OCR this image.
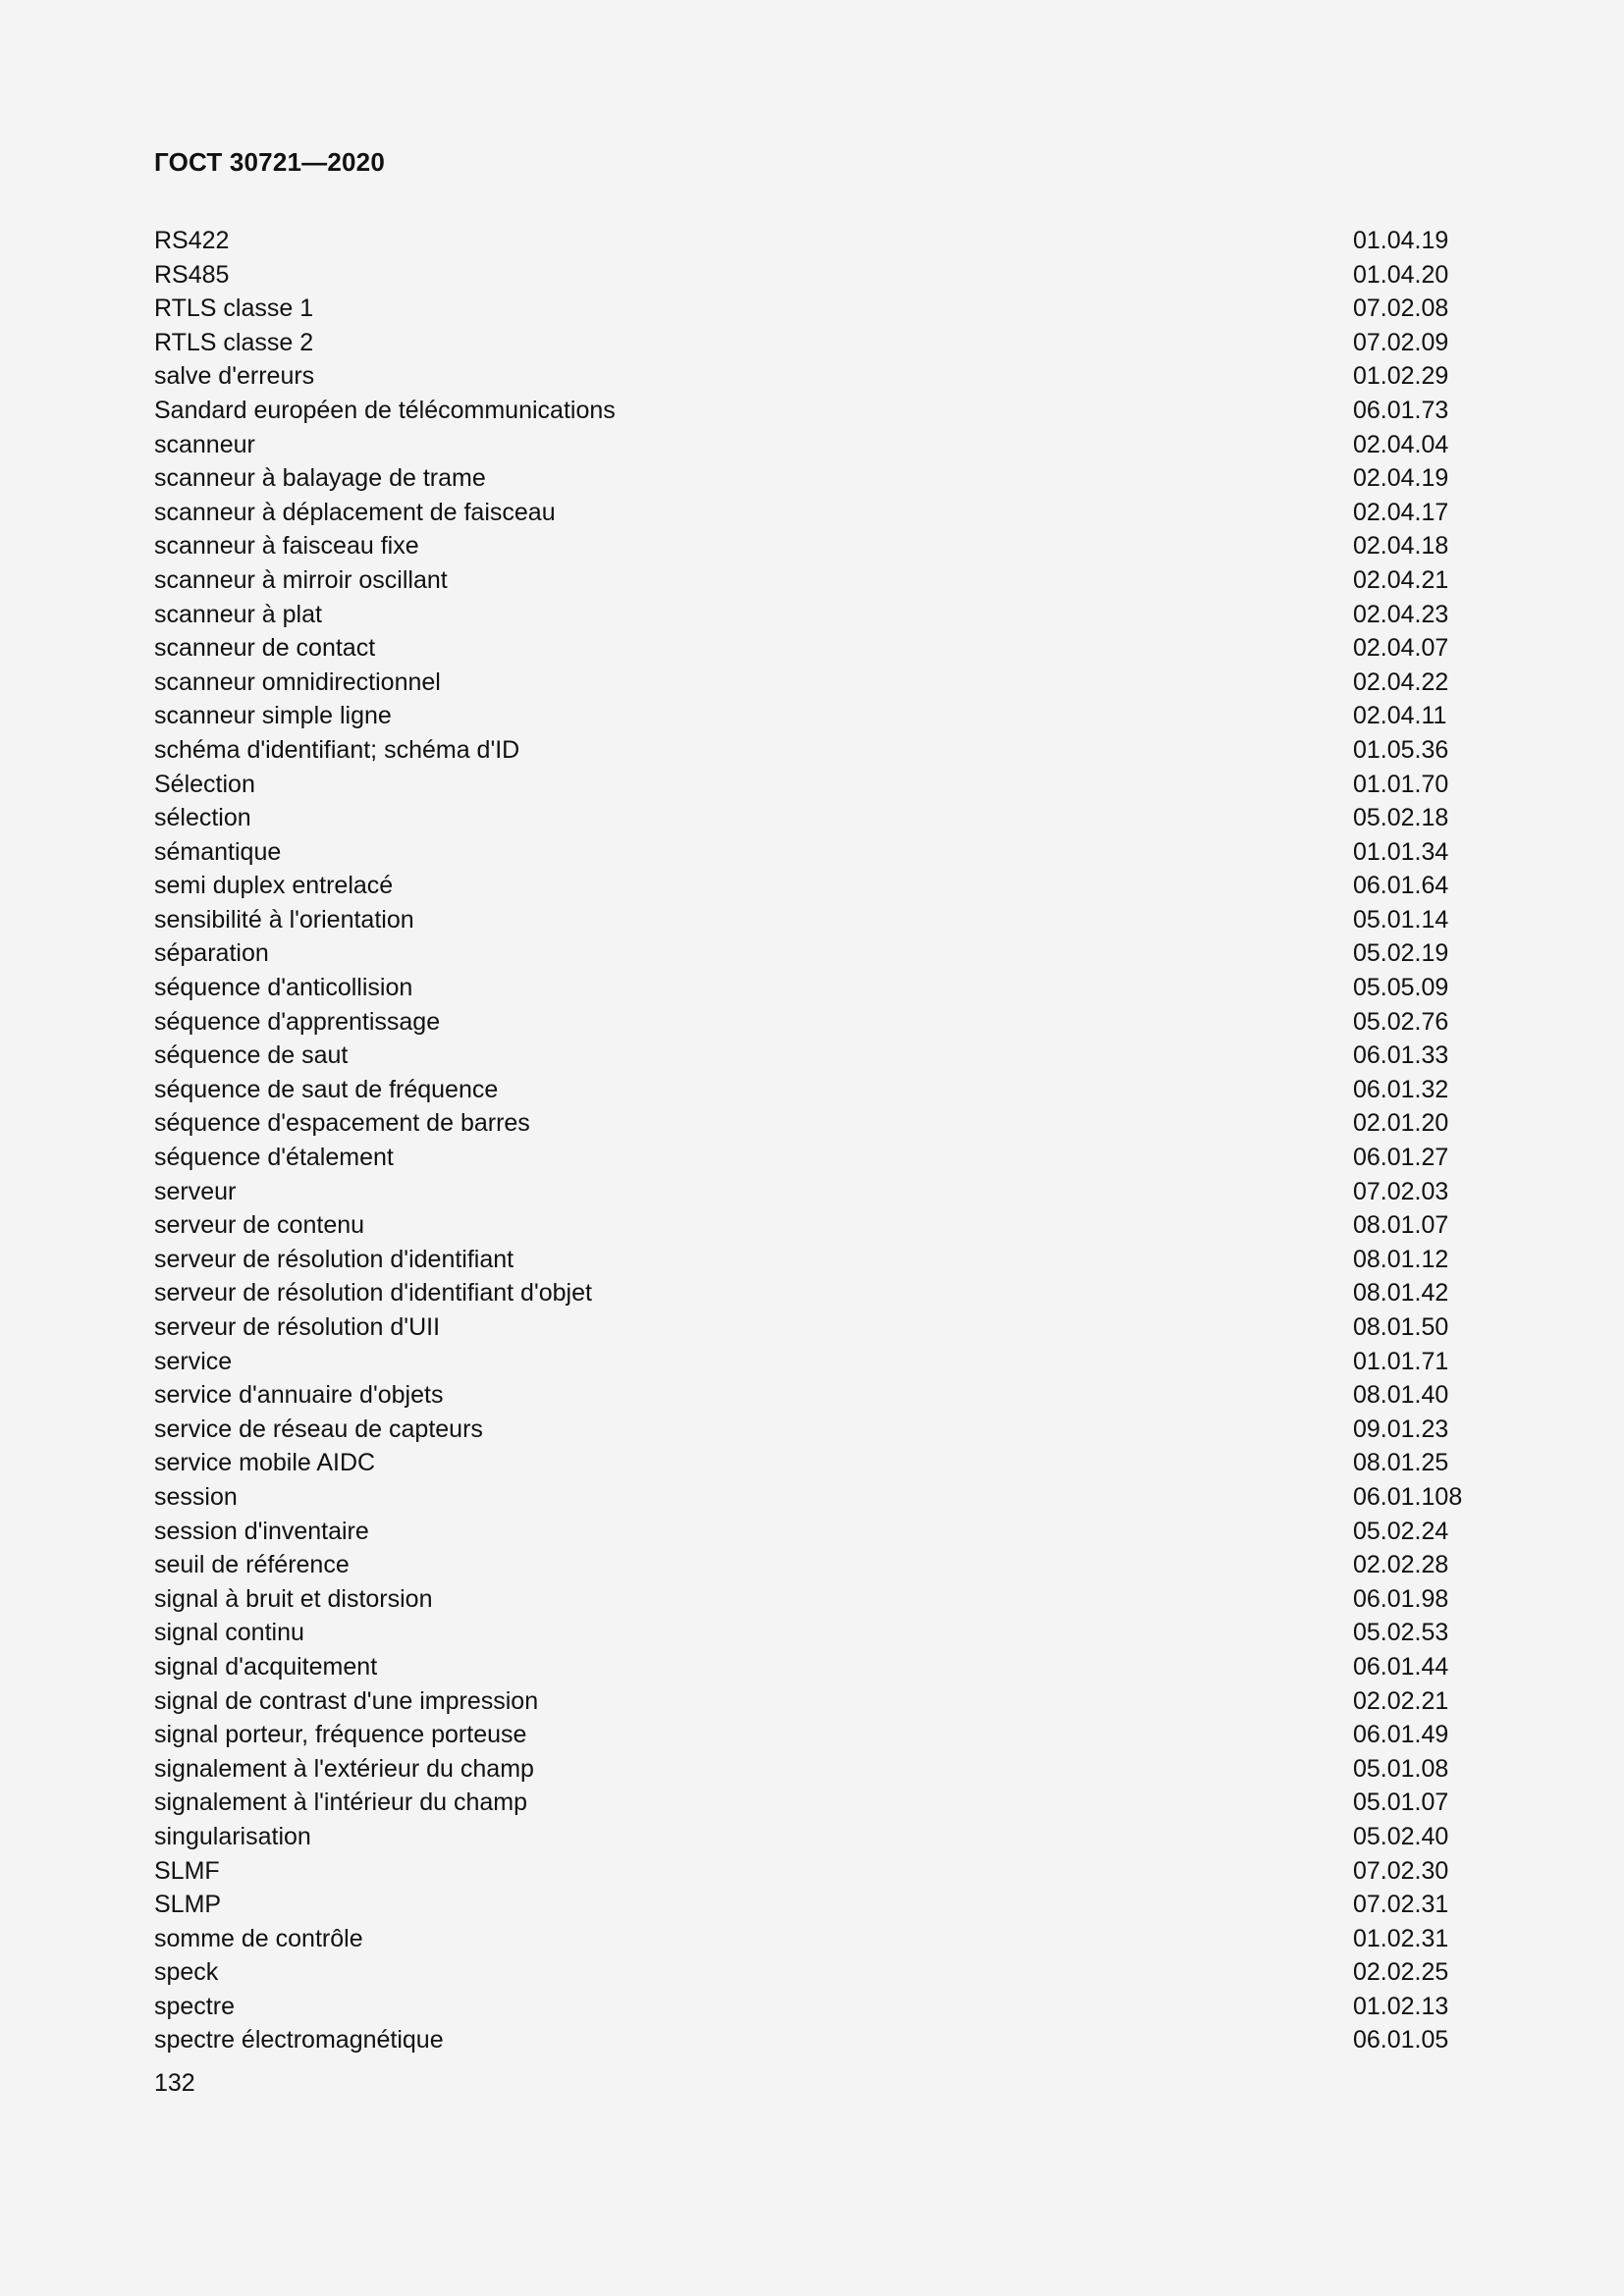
ГОСТ 30721—2020
RS422	01.04.19
RS485	01.04.20
RTLS classe 1	07.02.08
RTLS classe 2	07.02.09
salve d'erreurs	01.02.29
Sandard européen de télécommunications	06.01.73
scanneur	02.04.04
scanneur à balayage de trame	02.04.19
scanneur à déplacement de faisceau	02.04.17
scanneur à faisceau fixe	02.04.18
scanneur à mirroir oscillant	02.04.21
scanneur à plat	02.04.23
scanneur de contact	02.04.07
scanneur omnidirectionnel	02.04.22
scanneur simple ligne	02.04.11
schéma d'identifiant; schéma d'ID	01.05.36
Sélection	01.01.70
sélection	05.02.18
sémantique	01.01.34
semi duplex entrelacé	06.01.64
sensibilité à l'orientation	05.01.14
séparation	05.02.19
séquence d'anticollision	05.05.09
séquence d'apprentissage	05.02.76
séquence de saut	06.01.33
séquence de saut de fréquence	06.01.32
séquence d'espacement de barres	02.01.20
séquence d'étalement	06.01.27
serveur	07.02.03
serveur de contenu	08.01.07
serveur de résolution d'identifiant	08.01.12
serveur de résolution d'identifiant d'objet	08.01.42
serveur de résolution d'UII	08.01.50
service	01.01.71
service d'annuaire d'objets	08.01.40
service de réseau de capteurs	09.01.23
service mobile AIDC	08.01.25
session	06.01.108
session d'inventaire	05.02.24
seuil de référence	02.02.28
signal à bruit et distorsion	06.01.98
signal continu	05.02.53
signal d'acquitement	06.01.44
signal de contrast d'une impression	02.02.21
signal porteur, fréquence porteuse	06.01.49
signalement à l'extérieur du champ	05.01.08
signalement à l'intérieur du champ	05.01.07
singularisation	05.02.40
SLMF	07.02.30
SLMP	07.02.31
somme de contrôle	01.02.31
speck	02.02.25
spectre	01.02.13
spectre électromagnétique	06.01.05
132
